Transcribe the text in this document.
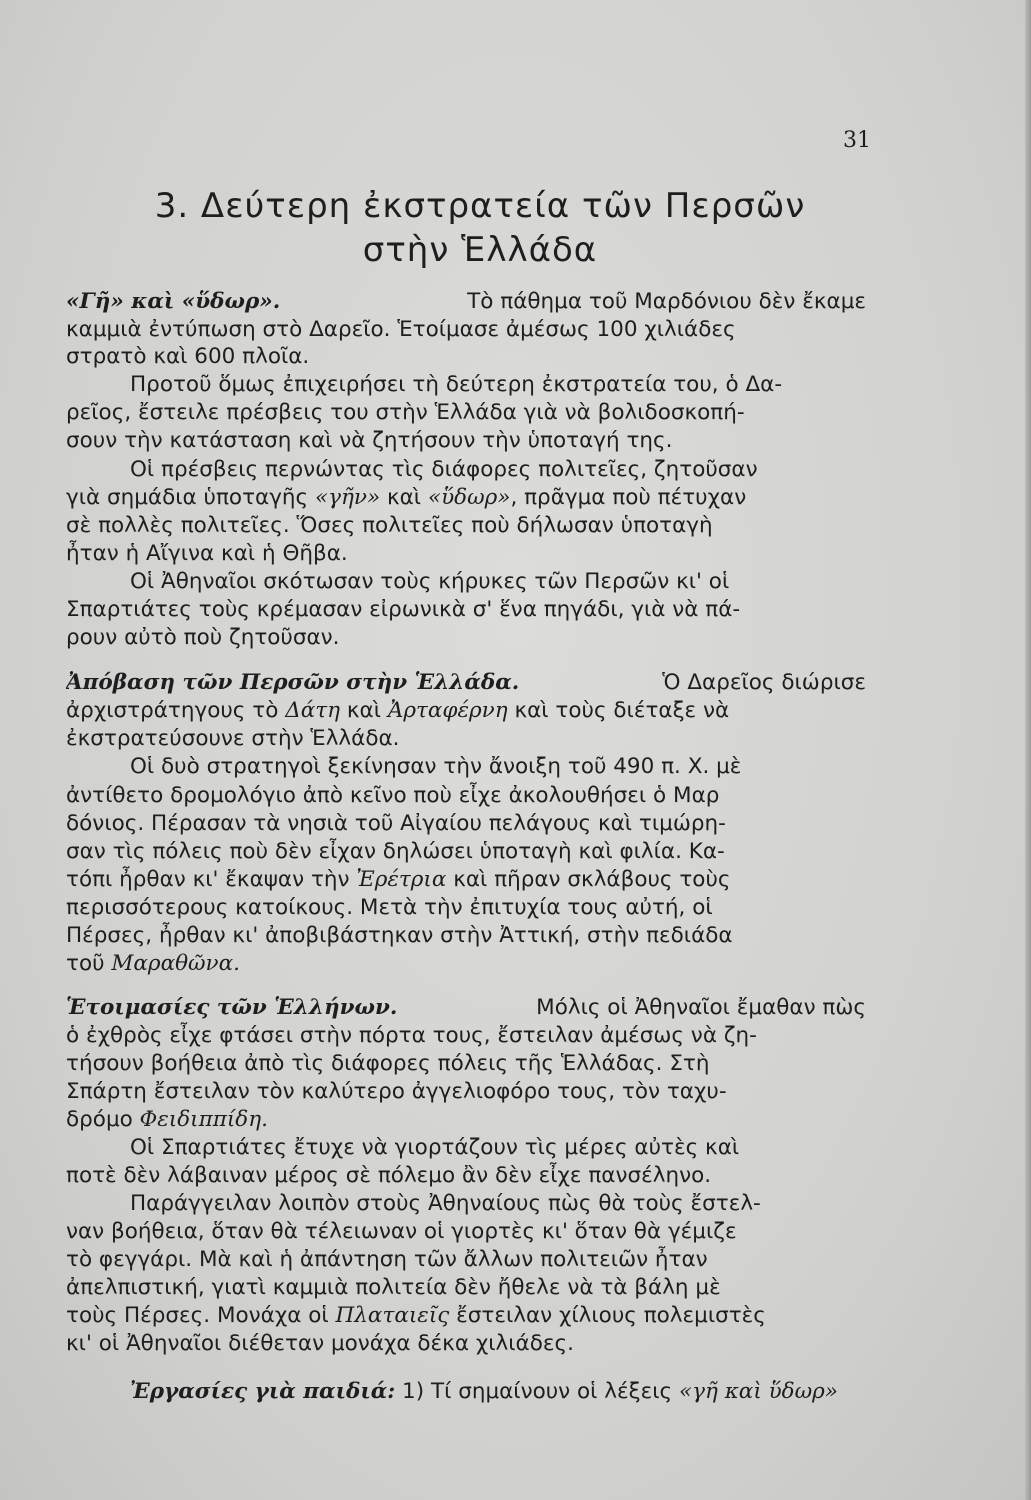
31
3. Δεύτερη ἐκστρατεία τῶν Περσῶν
στὴν Ἑλλάδα
«Γῆ» καὶ «ὕδωρ».	Τὸ πάθημα τοῦ Μαρδόνιου δὲν ἔκαμε
καμμιὰ ἐντύπωση στὸ Δαρεῖο. Ἑτοίμασε ἀμέσως 100 χιλιάδες
στρατὸ καὶ 600 πλοῖα.
Προτοῦ ὅμως ἐπιχειρήσει τὴ δεύτερη ἐκστρατεία του, ὁ Δα-
ρεῖος, ἔστειλε πρέσβεις του στὴν Ἑλλάδα γιὰ νὰ βολιδοσκοπή-
σουν τὴν κατάσταση καὶ νὰ ζητήσουν τὴν ὑποταγή της.
Οἱ πρέσβεις περνώντας τὶς διάφορες πολιτεῖες, ζητοῦσαν
γιὰ σημάδια ὑποταγῆς «γῆν» καὶ «ὕδωρ», πρᾶγμα ποὺ πέτυχαν
σὲ πολλὲς πολιτεῖες. Ὅσες πολιτεῖες ποὺ δήλωσαν ὑποταγὴ
ἦταν ἡ Αἴγινα καὶ ἡ Θῆβα.
Οἱ Ἀθηναῖοι σκότωσαν τοὺς κήρυκες τῶν Περσῶν κι' οἱ
Σπαρτιάτες τοὺς κρέμασαν εἰρωνικὰ σ' ἕνα πηγάδι, γιὰ νὰ πά-
ρουν αὐτὸ ποὺ ζητοῦσαν.
Ἀπόβαση τῶν Περσῶν στὴν Ἑλλάδα.	Ὁ Δαρεῖος διώρισε
ἀρχιστράτηγους τὸ Δάτη καὶ Ἀρταφέρνη καὶ τοὺς διέταξε νὰ
ἐκστρατεύσουνε στὴν Ἑλλάδα.
Οἱ δυὸ στρατηγοὶ ξεκίνησαν τὴν ἄνοιξη τοῦ 490 π. Χ. μὲ
ἀντίθετο δρομολόγιο ἀπὸ κεῖνο ποὺ εἶχε ἀκολουθήσει ὁ Μαρ
δόνιος. Πέρασαν τὰ νησιὰ τοῦ Αἰγαίου πελάγους καὶ τιμώρη-
σαν τὶς πόλεις ποὺ δὲν εἶχαν δηλώσει ὑποταγὴ καὶ φιλία. Κα-
τόπι ἦρθαν κι' ἔκαψαν τὴν Ἐρέτρια καὶ πῆραν σκλάβους τοὺς
περισσότερους κατοίκους. Μετὰ τὴν ἐπιτυχία τους αὐτή, οἱ
Πέρσες, ἦρθαν κι' ἀποβιβάστηκαν στὴν Ἀττική, στὴν πεδιάδα
τοῦ Μαραθῶνα.
Ἑτοιμασίες τῶν Ἑλλήνων.	Μόλις οἱ Ἀθηναῖοι ἔμαθαν πὼς
ὁ ἐχθρὸς εἶχε φτάσει στὴν πόρτα τους, ἔστειλαν ἀμέσως νὰ ζη-
τήσουν βοήθεια ἀπὸ τὶς διάφορες πόλεις τῆς Ἑλλάδας. Στὴ
Σπάρτη ἔστειλαν τὸν καλύτερο ἀγγελιοφόρο τους, τὸν ταχυ-
δρόμο Φειδιππίδη.
Οἱ Σπαρτιάτες ἔτυχε νὰ γιορτάζουν τὶς μέρες αὐτὲς καὶ
ποτὲ δὲν λάβαιναν μέρος σὲ πόλεμο ἂν δὲν εἶχε πανσέληνο.
Παράγγειλαν λοιπὸν στοὺς Ἀθηναίους πὼς θὰ τοὺς ἔστελ-
ναν βοήθεια, ὅταν θὰ τέλειωναν οἱ γιορτὲς κι' ὅταν θὰ γέμιζε
τὸ φεγγάρι. Μὰ καὶ ἡ ἀπάντηση τῶν ἄλλων πολιτειῶν ἦταν
ἀπελπιστική, γιατὶ καμμιὰ πολιτεία δὲν ἤθελε νὰ τὰ βάλη μὲ
τοὺς Πέρσες. Μονάχα οἱ Πλαταιεῖς ἔστειλαν χίλιους πολεμιστὲς
κι' οἱ Ἀθηναῖοι διέθεταν μονάχα δέκα χιλιάδες.
Ἐργασίες γιὰ παιδιά: 1) Τί σημαίνουν οἱ λέξεις «γῆ καὶ ὕδωρ»
